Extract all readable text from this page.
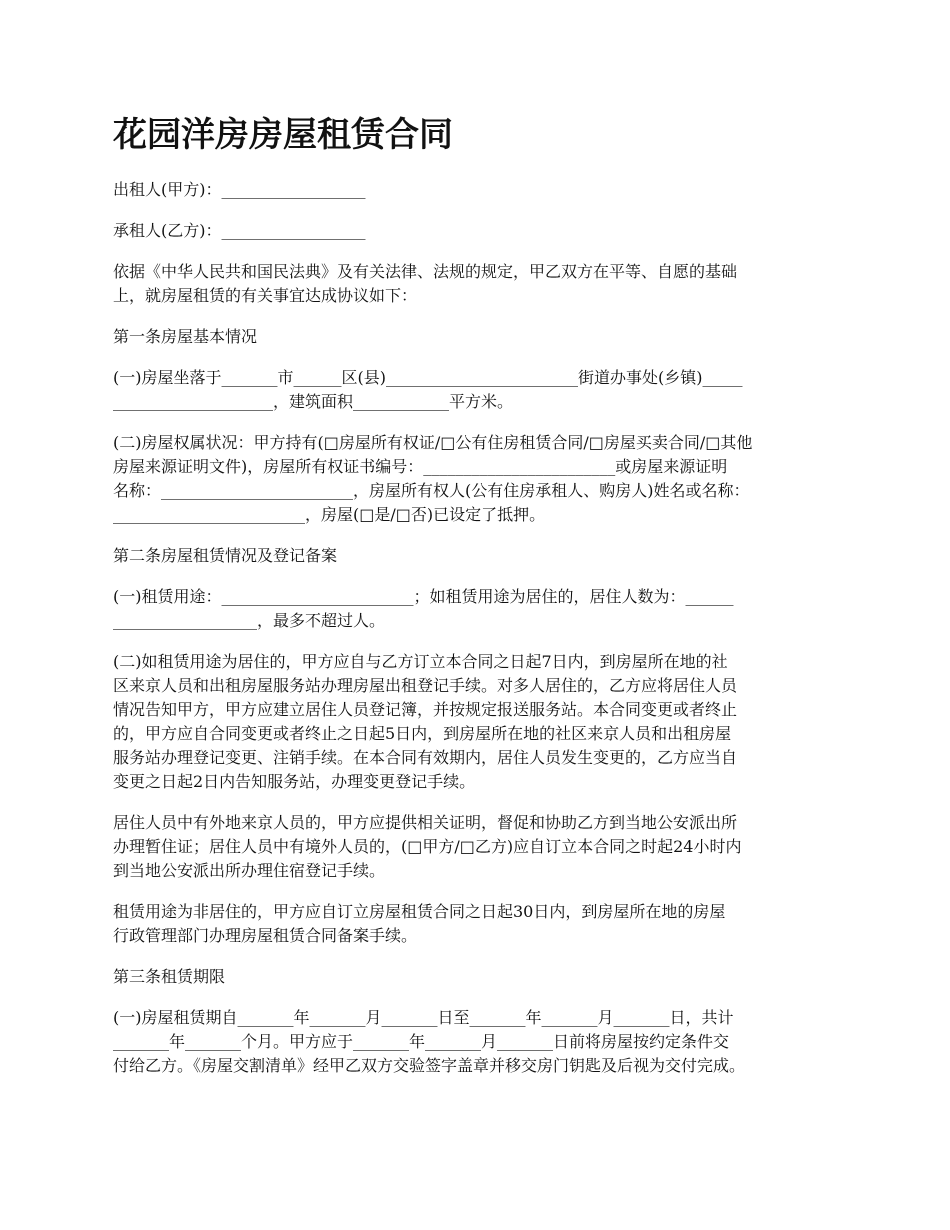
花园洋房房屋租赁合同
出租人(甲方)：__________________
承租人(乙方)：__________________
依据《中华人民共和国民法典》及有关法律、法规的规定，甲乙双方在平等、自愿的基础
上，就房屋租赁的有关事宜达成协议如下：
第一条房屋基本情况
(一)房屋坐落于_______市______区(县)________________________街道办事处(乡镇)_____
____________________，建筑面积____________平方米。
(二)房屋权属状况：甲方持有(□房屋所有权证/□公有住房租赁合同/□房屋买卖合同/□其他
房屋来源证明文件)，房屋所有权证书编号：________________________或房屋来源证明
名称：________________________，房屋所有权人(公有住房承租人、购房人)姓名或名称：
________________________，房屋(□是/□否)已设定了抵押。
第二条房屋租赁情况及登记备案
(一)租赁用途：________________________；如租赁用途为居住的，居住人数为：______
__________________，最多不超过人。
(二)如租赁用途为居住的，甲方应自与乙方订立本合同之日起7日内，到房屋所在地的社
区来京人员和出租房屋服务站办理房屋出租登记手续。对多人居住的，乙方应将居住人员
情况告知甲方，甲方应建立居住人员登记簿，并按规定报送服务站。本合同变更或者终止
的，甲方应自合同变更或者终止之日起5日内，到房屋所在地的社区来京人员和出租房屋
服务站办理登记变更、注销手续。在本合同有效期内，居住人员发生变更的，乙方应当自
变更之日起2日内告知服务站，办理变更登记手续。
居住人员中有外地来京人员的，甲方应提供相关证明，督促和协助乙方到当地公安派出所
办理暂住证；居住人员中有境外人员的，(□甲方/□乙方)应自订立本合同之时起24小时内
到当地公安派出所办理住宿登记手续。
租赁用途为非居住的，甲方应自订立房屋租赁合同之日起30日内，到房屋所在地的房屋
行政管理部门办理房屋租赁合同备案手续。
第三条租赁期限
(一)房屋租赁期自_______年_______月_______日至_______年_______月_______日，共计
_______年_______个月。甲方应于_______年_______月_______日前将房屋按约定条件交
付给乙方。《房屋交割清单》经甲乙双方交验签字盖章并移交房门钥匙及后视为交付完成。
